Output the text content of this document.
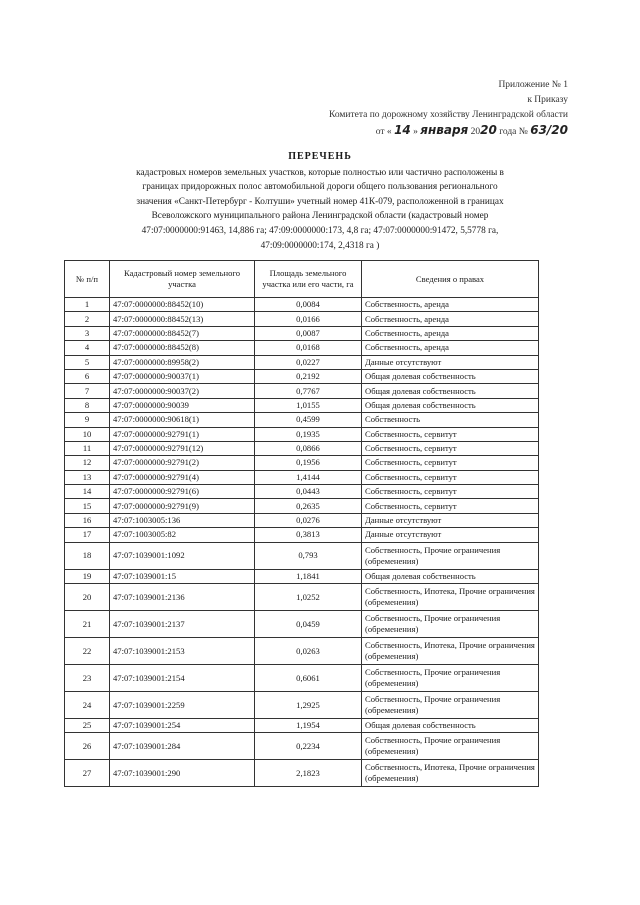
Приложение № 1
к Приказу
Комитета по дорожному хозяйству Ленинградской области
от « 14 » января 2020 года № 63/20
ПЕРЕЧЕНЬ
кадастровых номеров земельных участков, которые полностью или частично расположены в
границах придорожных полос автомобильной дороги общего пользования регионального
значения «Санкт-Петербург - Колтуши» учетный номер 41К-079, расположенной в границах
Всеволожского муниципального района Ленинградской области (кадастровый номер
47:07:0000000:91463, 14,886 га; 47:09:0000000:173, 4,8 га; 47:07:0000000:91472, 5,5778 га,
47:09:0000000:174, 2,4318 га )
№ п/п	Кадастровый номер земельного участка	Площадь земельного участка или его части, га	Сведения о правах
1	47:07:0000000:88452(10)	0,0084	Собственность, аренда
2	47:07:0000000:88452(13)	0,0166	Собственность, аренда
3	47:07:0000000:88452(7)	0,0087	Собственность, аренда
4	47:07:0000000:88452(8)	0,0168	Собственность, аренда
5	47:07:0000000:89958(2)	0,0227	Данные отсутствуют
6	47:07:0000000:90037(1)	0,2192	Общая долевая собственность
7	47:07:0000000:90037(2)	0,7767	Общая долевая собственность
8	47:07:0000000:90039	1,0155	Общая долевая собственность
9	47:07:0000000:90618(1)	0,4599	Собственность
10	47:07:0000000:92791(1)	0,1935	Собственность, сервитут
11	47:07:0000000:92791(12)	0,0866	Собственность, сервитут
12	47:07:0000000:92791(2)	0,1956	Собственность, сервитут
13	47:07:0000000:92791(4)	1,4144	Собственность, сервитут
14	47:07:0000000:92791(6)	0,0443	Собственность, сервитут
15	47:07:0000000:92791(9)	0,2635	Собственность, сервитут
16	47:07:1003005:136	0,0276	Данные отсутствуют
17	47:07:1003005:82	0,3813	Данные отсутствуют
18	47:07:1039001:1092	0,793	Собственность, Прочие ограничения (обременения)
19	47:07:1039001:15	1,1841	Общая долевая собственность
20	47:07:1039001:2136	1,0252	Собственность, Ипотека, Прочие ограничения (обременения)
21	47:07:1039001:2137	0,0459	Собственность, Прочие ограничения (обременения)
22	47:07:1039001:2153	0,0263	Собственность, Ипотека, Прочие ограничения (обременения)
23	47:07:1039001:2154	0,6061	Собственность, Прочие ограничения (обременения)
24	47:07:1039001:2259	1,2925	Собственность, Прочие ограничения (обременения)
25	47:07:1039001:254	1,1954	Общая долевая собственность
26	47:07:1039001:284	0,2234	Собственность, Прочие ограничения (обременения)
27	47:07:1039001:290	2,1823	Собственность, Ипотека, Прочие ограничения (обременения)
